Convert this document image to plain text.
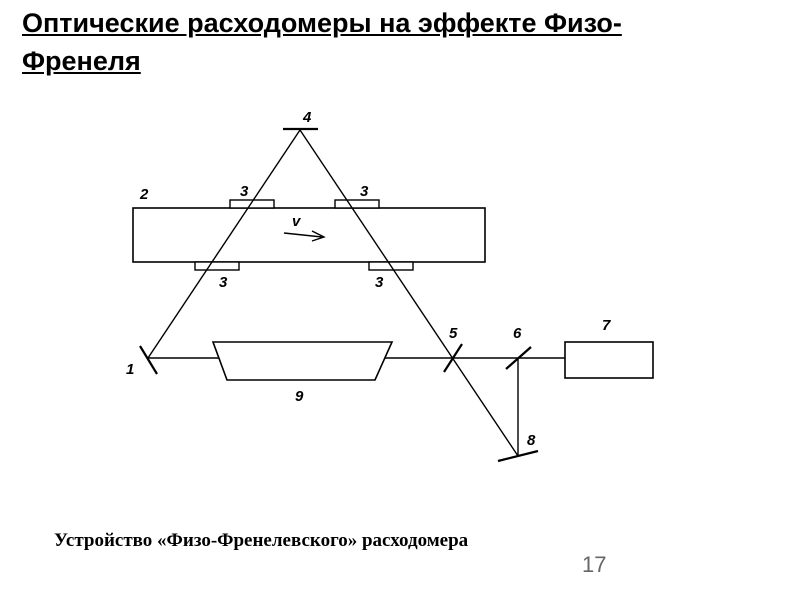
Оптические расходомеры на эффекте Физо-
Френеля
4
2	3	3
3	3
v
1
5	6	7
8
9
Устройство «Физо-Френелевского» расходомера
17
